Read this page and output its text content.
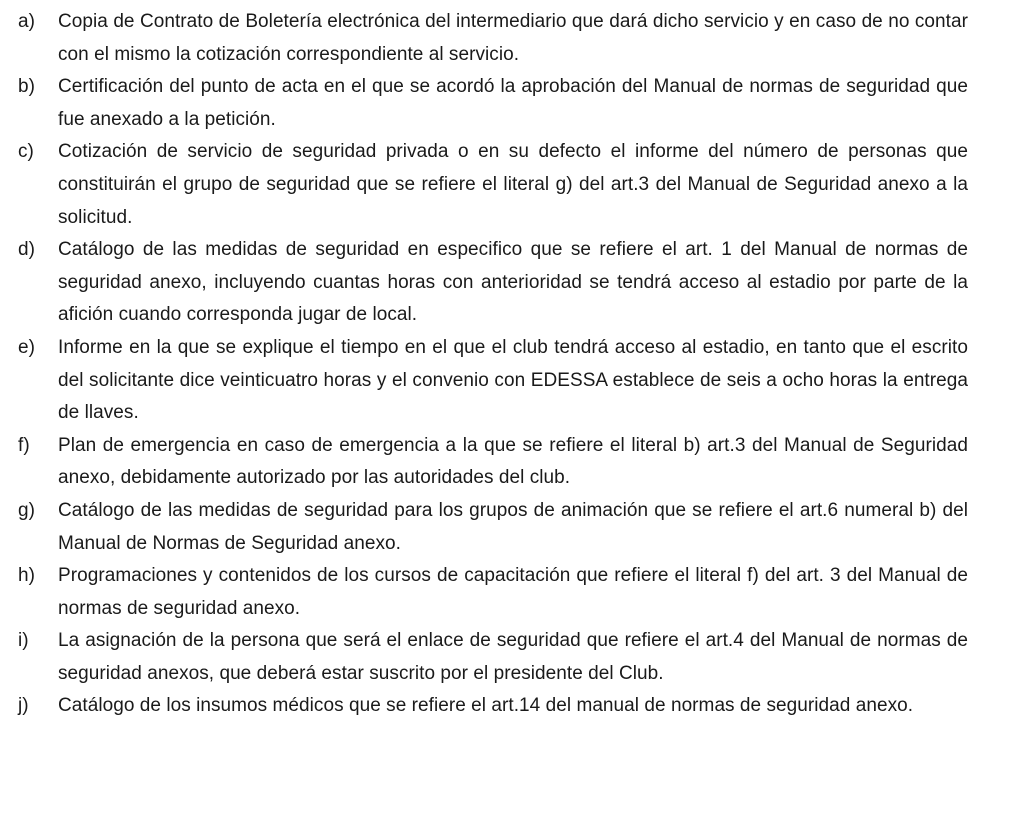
a)	Copia de Contrato de Boletería electrónica del intermediario que dará dicho servicio y en caso de no contar con el mismo la cotización correspondiente al servicio.
b)	Certificación del punto de acta en el que se acordó la aprobación del Manual de normas de seguridad que fue anexado a la petición.
c)	Cotización de servicio de seguridad privada o en su defecto el informe del número de personas que constituirán el grupo de seguridad que se refiere el literal g) del art.3 del Manual de Seguridad anexo a la solicitud.
d)	Catálogo de las medidas de seguridad en especifico que se refiere el art. 1 del Manual de normas de seguridad anexo, incluyendo cuantas horas con anterioridad se tendrá acceso al estadio por parte de la afición cuando corresponda jugar de local.
e)	Informe en la que se explique el tiempo en el que el club tendrá acceso al estadio, en tanto que el escrito del solicitante dice veinticuatro horas y el convenio con EDESSA establece de seis a ocho horas la entrega de llaves.
f)	Plan de emergencia en caso de emergencia a la que se refiere el literal b) art.3 del Manual de Seguridad anexo, debidamente autorizado por las autoridades del club.
g)	Catálogo de las medidas de seguridad para los grupos de animación que se refiere el art.6 numeral b) del Manual de Normas de Seguridad anexo.
h)	Programaciones y contenidos de los cursos de capacitación que refiere el literal f) del art. 3 del Manual de normas de seguridad anexo.
i)	La asignación de la persona que será el enlace de seguridad que refiere el art.4 del Manual de normas de seguridad anexos, que deberá estar suscrito por el presidente del Club.
j)	Catálogo de los insumos médicos que se refiere el art.14 del manual de normas de seguridad anexo.
